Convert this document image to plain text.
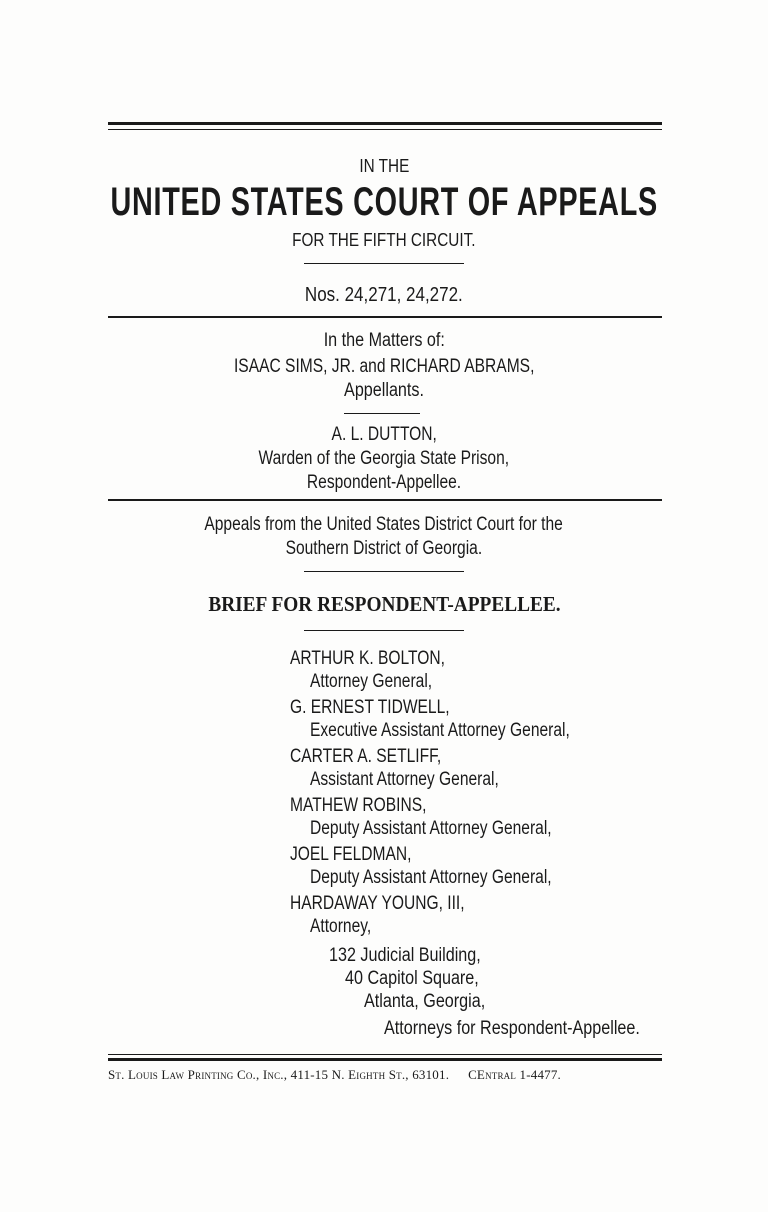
IN THE
UNITED STATES COURT OF APPEALS
FOR THE FIFTH CIRCUIT.
Nos. 24,271, 24,272.
In the Matters of:
ISAAC SIMS, JR. and RICHARD ABRAMS,
Appellants.
A. L. DUTTON,
Warden of the Georgia State Prison,
Respondent-Appellee.
Appeals from the United States District Court for the
Southern District of Georgia.
BRIEF FOR RESPONDENT-APPELLEE.
ARTHUR K. BOLTON,
Attorney General,
G. ERNEST TIDWELL,
Executive Assistant Attorney General,
CARTER A. SETLIFF,
Assistant Attorney General,
MATHEW ROBINS,
Deputy Assistant Attorney General,
JOEL FELDMAN,
Deputy Assistant Attorney General,
HARDAWAY YOUNG, III,
Attorney,
132 Judicial Building,
40 Capitol Square,
Atlanta, Georgia,
Attorneys for Respondent-Appellee.
St. Louis Law Printing Co., Inc., 411-15 N. Eighth St., 63101. CEntral 1-4477.
